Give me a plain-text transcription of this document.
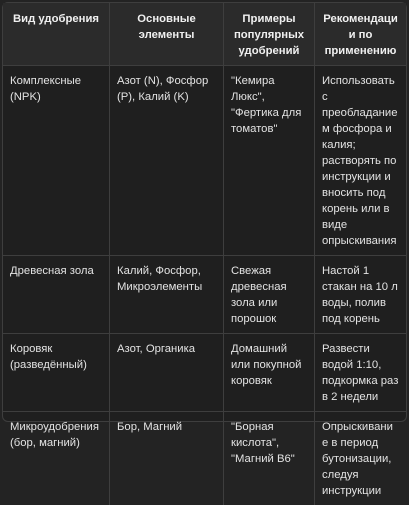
Вид удобрения	Основные элементы	Примеры популярных удобрений	Рекомендации по применению
Комплексные (NPK)	Азот (N), Фосфор (P), Калий (K)	"Кемира Люкс", "Фертика для томатов"	Использовать с преобладанием фосфора и калия; растворять по инструкции и вносить под корень или в виде опрыскивания
Древесная зола	Калий, Фосфор, Микроэлементы	Свежая древесная зола или порошок	Настой 1 стакан на 10 л воды, полив под корень
Коровяк (разведённый)	Азот, Органика	Домашний или покупной коровяк	Развести водой 1:10, подкормка раз в 2 недели
Микроудобрения (бор, магний)	Бор, Магний	"Борная кислота", "Магний B6"	Опрыскивание в период бутонизации, следуя инструкции
